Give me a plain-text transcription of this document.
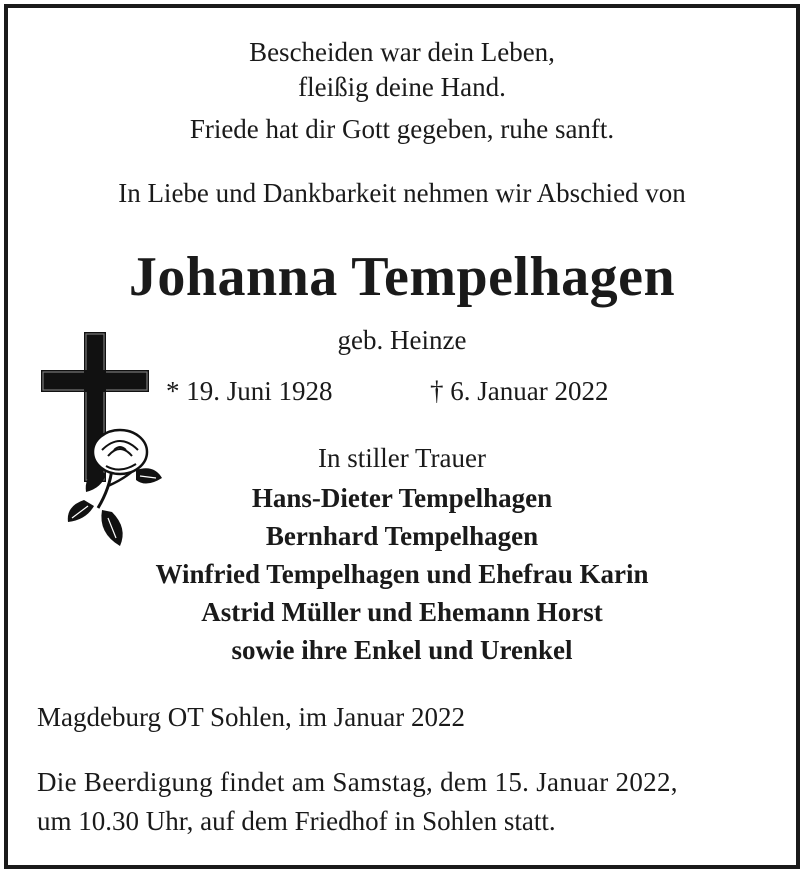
Bescheiden war dein Leben,
fleißig deine Hand.
Friede hat dir Gott gegeben, ruhe sanft.
In Liebe und Dankbarkeit nehmen wir Abschied von
Johanna Tempelhagen
geb. Heinze
* 19. Juni 1928	† 6. Januar 2022
In stiller Trauer
Hans-Dieter Tempelhagen
Bernhard Tempelhagen
Winfried Tempelhagen und Ehefrau Karin
Astrid Müller und Ehemann Horst
sowie ihre Enkel und Urenkel
Magdeburg OT Sohlen, im Januar 2022
Die Beerdigung findet am Samstag, dem 15. Januar 2022,
um 10.30 Uhr, auf dem Friedhof in Sohlen statt.
